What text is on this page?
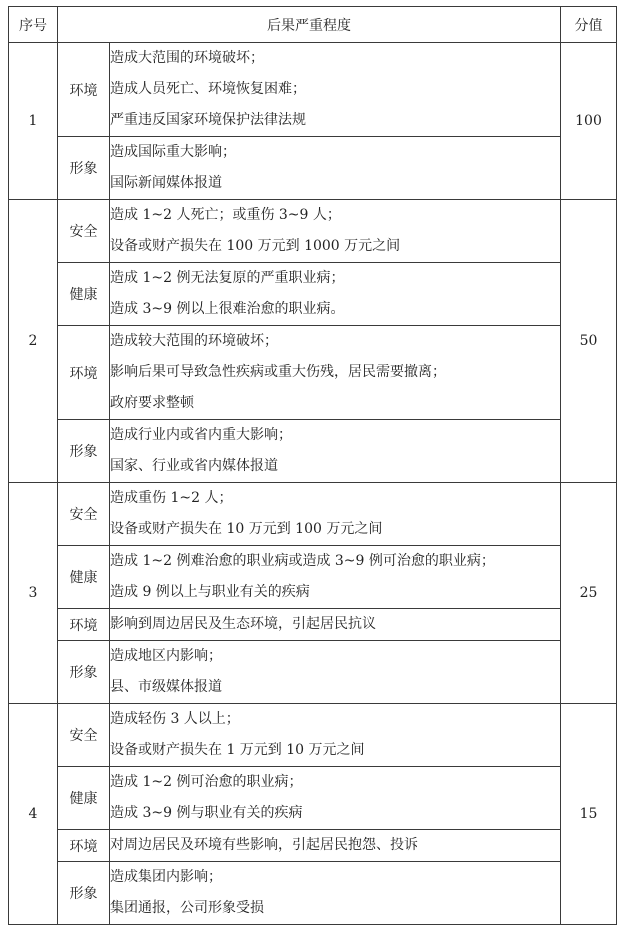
序号	后果严重程度		分值
1	环境	造成大范围的环境破坏；
造成人员死亡、环境恢复困难；
严重违反国家环境保护法律法规	100
	形象	造成国际重大影响；
国际新闻媒体报道	

2	安全	造成 1~2 人死亡；或重伤 3~9 人；
设备或财产损失在 100 万元到 1000 万元之间	50
	健康	造成 1~2 例无法复原的严重职业病；
造成 3~9 例以上很难治愈的职业病。	

	环境	造成较大范围的环境破坏；
影响后果可导致急性疾病或重大伤残，居民需要撤离；
政府要求整顿	

	形象	造成行业内或省内重大影响；
国家、行业或省内媒体报道	

3	安全	造成重伤 1~2 人；
设备或财产损失在 10 万元到 100 万元之间	25
	健康	造成 1~2 例难治愈的职业病或造成 3~9 例可治愈的职业病；
造成 9 例以上与职业有关的疾病	

	环境	影响到周边居民及生态环境，引起居民抗议	

	形象	造成地区内影响；
县、市级媒体报道	

4	安全	造成轻伤 3 人以上；
设备或财产损失在 1 万元到 10 万元之间	15
	健康	造成 1~2 例可治愈的职业病；
造成 3~9 例与职业有关的疾病	

	环境	对周边居民及环境有些影响，引起居民抱怨、投诉	

	形象	造成集团内影响；
集团通报，公司形象受损	
